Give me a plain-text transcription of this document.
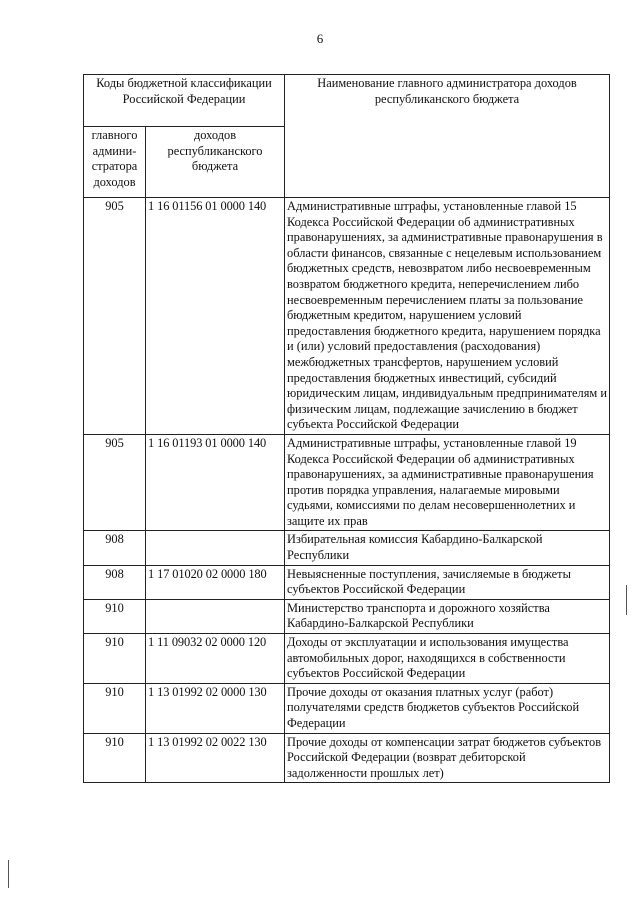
6
Коды бюджетной классификации Российской Федерации		Наименование главного администратора доходов республиканского бюджета
главного админи-стратора доходов	доходов республиканского бюджета	
905	1 16 01156 01 0000 140	Административные штрафы, установленные главой 15 Кодекса Российской Федерации об административных правонарушениях, за административные правонарушения в области финансов, связанные с нецелевым использованием бюджетных средств, невозвратом либо несвоевременным возвратом бюджетного кредита, неперечислением либо несвоевременным перечислением платы за пользование бюджетным кредитом, нарушением условий предоставления бюджетного кредита, нарушением порядка и (или) условий предоставления (расходования) межбюджетных трансфертов, нарушением условий предоставления бюджетных инвестиций, субсидий юридическим лицам, индивидуальным предпринимателям и физическим лицам, подлежащие зачислению в бюджет субъекта Российской Федерации
905	1 16 01193 01 0000 140	Административные штрафы, установленные главой 19 Кодекса Российской Федерации об административных правонарушениях, за административные правонарушения против порядка управления, налагаемые мировыми судьями, комиссиями по делам несовершеннолетних и защите их прав
908		Избирательная комиссия Кабардино-Балкарской Республики
908	1 17 01020 02 0000 180	Невыясненные поступления, зачисляемые в бюджеты субъектов Российской Федерации
910		Министерство транспорта и дорожного хозяйства Кабардино-Балкарской Республики
910	1 11 09032 02 0000 120	Доходы от эксплуатации и использования имущества автомобильных дорог, находящихся в собственности субъектов Российской Федерации
910	1 13 01992 02 0000 130	Прочие доходы от оказания платных услуг (работ) получателями средств бюджетов субъектов Российской Федерации
910	1 13 01992 02 0022 130	Прочие доходы от компенсации затрат бюджетов субъектов Российской Федерации (возврат дебиторской задолженности прошлых лет)
